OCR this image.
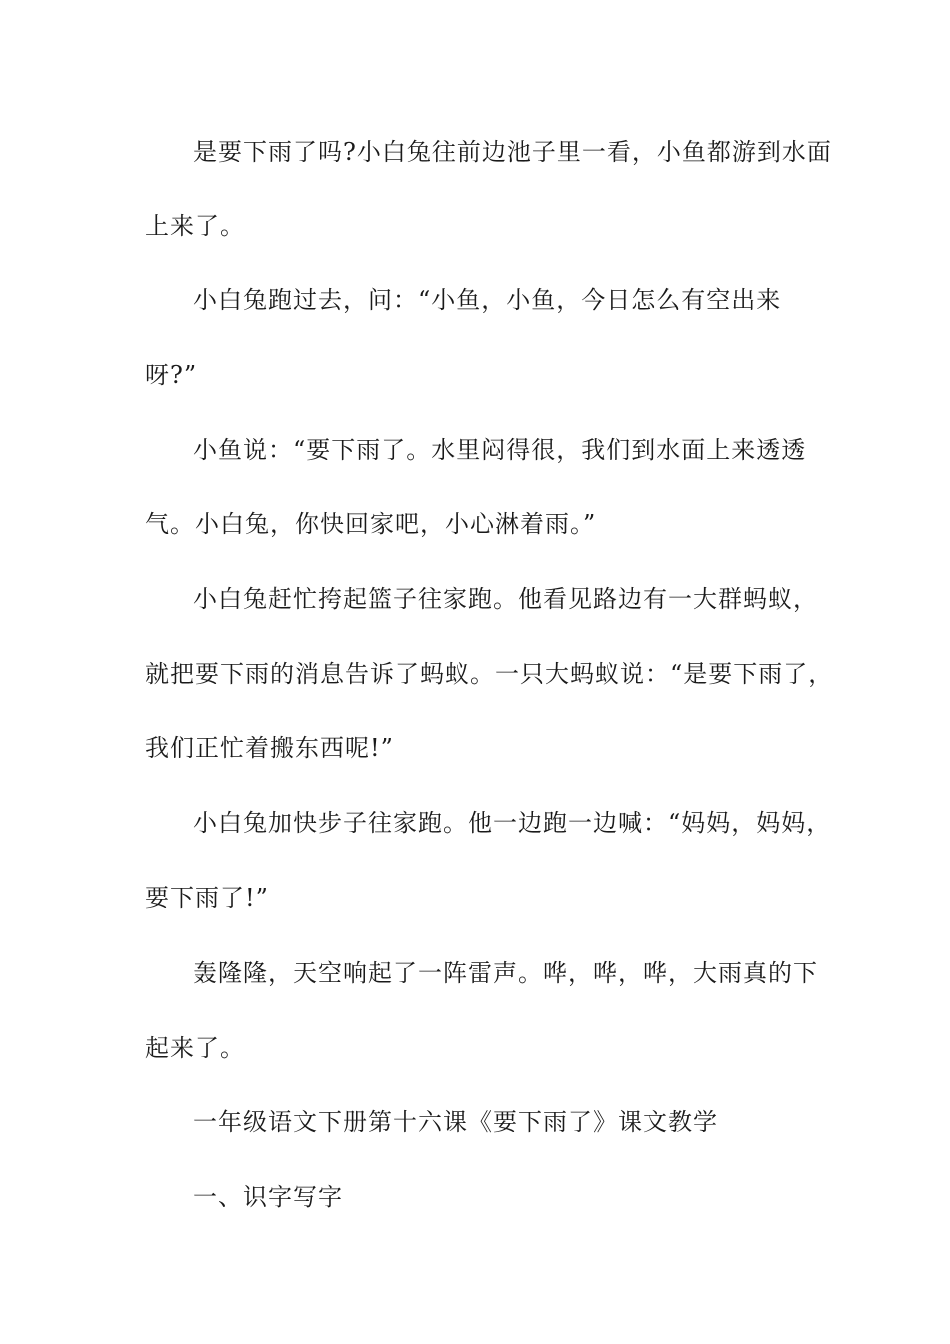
是要下雨了吗?小白兔往前边池子里一看，小鱼都游到水面
上来了。
小白兔跑过去，问：“小鱼，小鱼，今日怎么有空出来
呀?”
小鱼说：“要下雨了。水里闷得很，我们到水面上来透透
气。小白兔，你快回家吧，小心淋着雨。”
小白兔赶忙挎起篮子往家跑。他看见路边有一大群蚂蚁，
就把要下雨的消息告诉了蚂蚁。一只大蚂蚁说：“是要下雨了，
我们正忙着搬东西呢!”
小白兔加快步子往家跑。他一边跑一边喊：“妈妈，妈妈，
要下雨了!”
轰隆隆，天空响起了一阵雷声。哗，哗，哗，大雨真的下
起来了。
一年级语文下册第十六课《要下雨了》课文教学
一、识字写字
